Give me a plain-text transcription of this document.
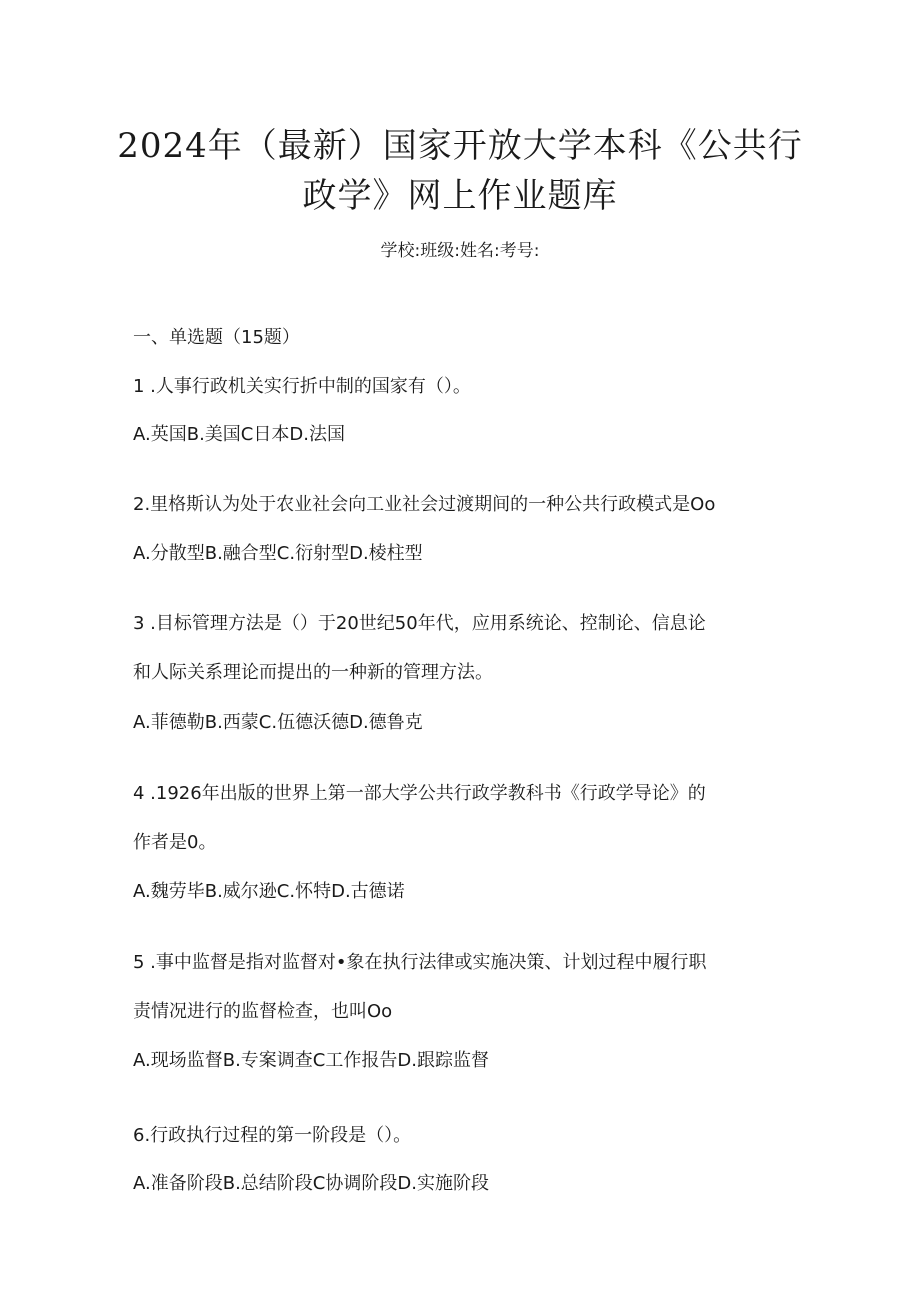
2024年（最新）国家开放大学本科《公共行
政学》网上作业题库
学校:班级:姓名:考号:

一、单选题（15题）

1 .人事行政机关实行折中制的国家有（）。

A.英国B.美国C日本D.法国

2.里格斯认为处于农业社会向工业社会过渡期间的一种公共行政模式是Oo

A.分散型B.融合型C.衍射型D.棱柱型

3 .目标管理方法是（）于20世纪50年代，应用系统论、控制论、信息论

和人际关系理论而提出的一种新的管理方法。

A.菲德勒B.西蒙C.伍德沃德D.德鲁克

4 .1926年出版的世界上第一部大学公共行政学教科书《行政学导论》的

作者是0。

A.魏劳毕B.威尔逊C.怀特D.古德诺

5 .事中监督是指对监督对•象在执行法律或实施决策、计划过程中履行职

责情况进行的监督检查，也叫Oo

A.现场监督B.专案调查C工作报告D.跟踪监督

6.行政执行过程的第一阶段是（）。

A.准备阶段B.总结阶段C协调阶段D.实施阶段
